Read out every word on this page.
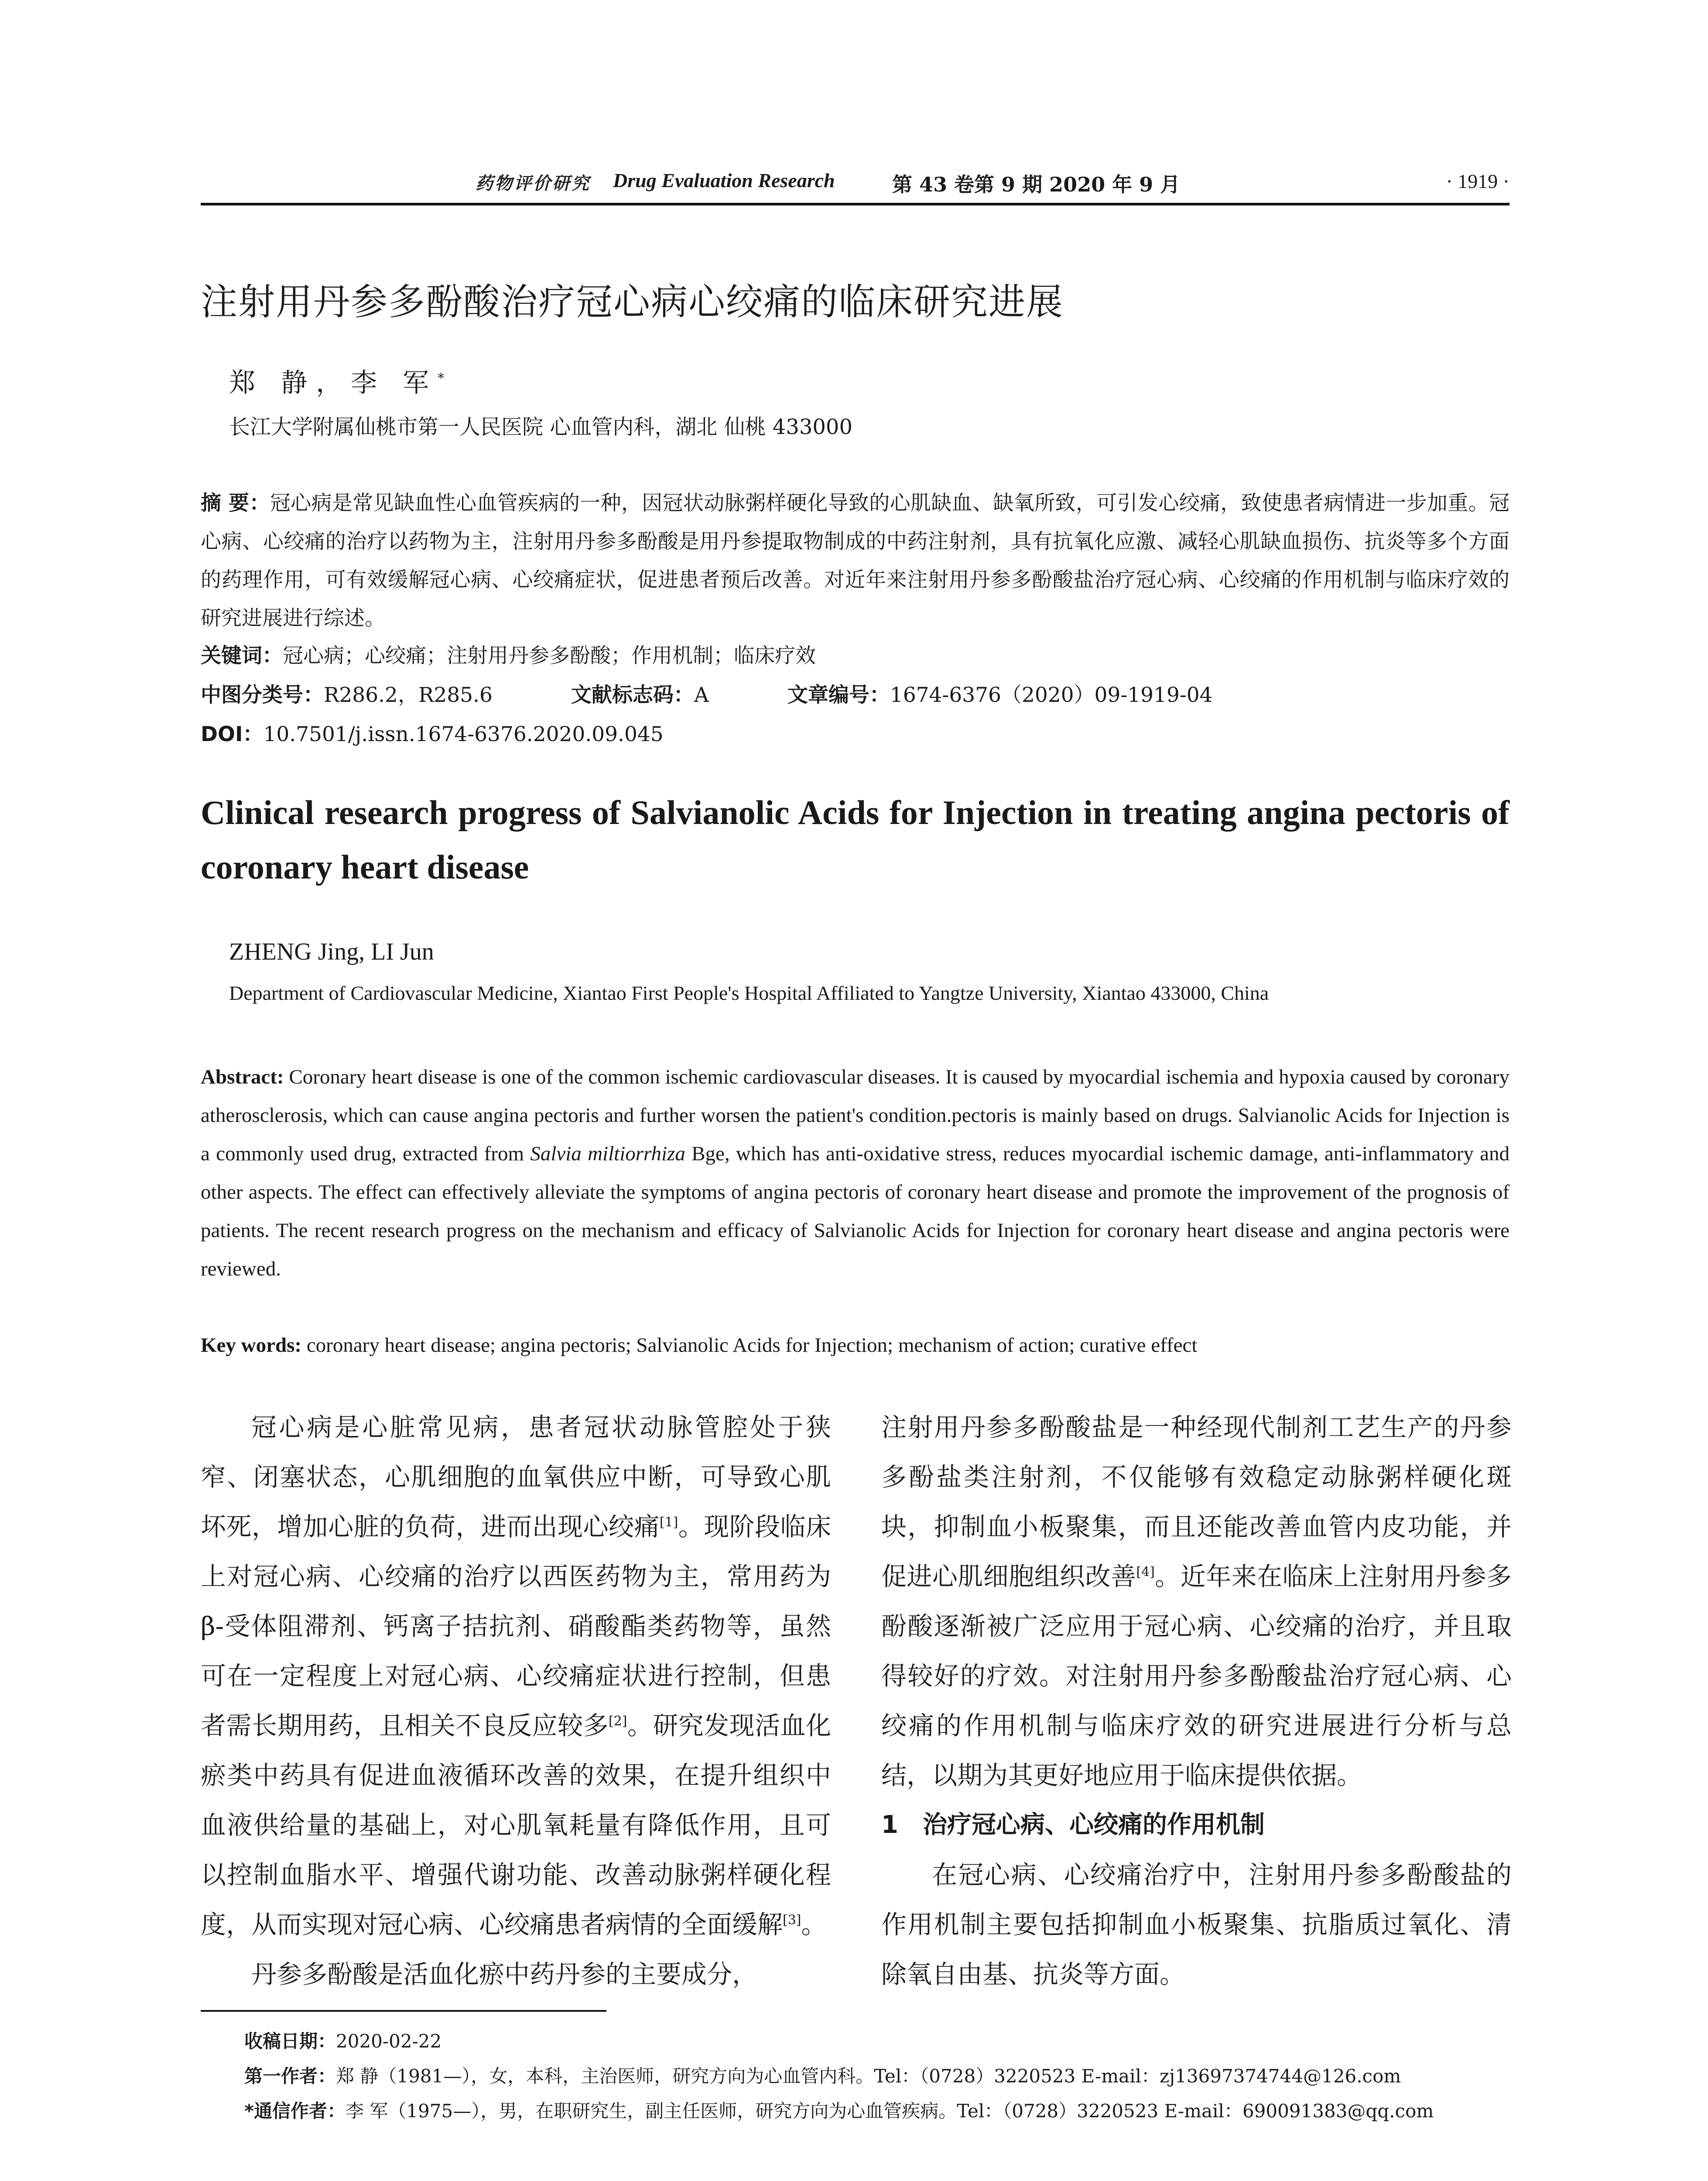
药物评价研究 Drug Evaluation Research	第 43 卷第 9 期 2020 年 9 月	· 1919 ·
注射用丹参多酚酸治疗冠心病心绞痛的临床研究进展
郑 静，李 军*
长江大学附属仙桃市第一人民医院 心血管内科，湖北 仙桃 433000
摘 要：冠心病是常见缺血性心血管疾病的一种，因冠状动脉粥样硬化导致的心肌缺血、缺氧所致，可引发心绞痛，致使患者病情进一步加重。冠心病、心绞痛的治疗以药物为主，注射用丹参多酚酸是用丹参提取物制成的中药注射剂，具有抗氧化应激、减轻心肌缺血损伤、抗炎等多个方面的药理作用，可有效缓解冠心病、心绞痛症状，促进患者预后改善。对近年来注射用丹参多酚酸盐治疗冠心病、心绞痛的作用机制与临床疗效的研究进展进行综述。
关键词：冠心病；心绞痛；注射用丹参多酚酸；作用机制；临床疗效
中图分类号：R286.2，R285.6	文献标志码：A	文章编号：1674-6376（2020）09-1919-04
DOI：10.7501/j.issn.1674-6376.2020.09.045
Clinical research progress of Salvianolic Acids for Injection in treating angina pectoris of coronary heart disease
ZHENG Jing, LI Jun
Department of Cardiovascular Medicine, Xiantao First People's Hospital Affiliated to Yangtze University, Xiantao 433000, China
Abstract: Coronary heart disease is one of the common ischemic cardiovascular diseases. It is caused by myocardial ischemia and hypoxia caused by coronary atherosclerosis, which can cause angina pectoris and further worsen the patient's condition.pectoris is mainly based on drugs. Salvianolic Acids for Injection is a commonly used drug, extracted from Salvia miltiorrhiza Bge, which has anti-oxidative stress, reduces myocardial ischemic damage, anti-inflammatory and other aspects. The effect can effectively alleviate the symptoms of angina pectoris of coronary heart disease and promote the improvement of the prognosis of patients. The recent research progress on the mechanism and efficacy of Salvianolic Acids for Injection for coronary heart disease and angina pectoris were reviewed.
Key words: coronary heart disease; angina pectoris; Salvianolic Acids for Injection; mechanism of action; curative effect

冠心病是心脏常见病，患者冠状动脉管腔处于狭窄、闭塞状态，心肌细胞的血氧供应中断，可导致心肌坏死，增加心脏的负荷，进而出现心绞痛[1]。现阶段临床上对冠心病、心绞痛的治疗以西医药物为主，常用药为β-受体阻滞剂、钙离子拮抗剂、硝酸酯类药物等，虽然可在一定程度上对冠心病、心绞痛症状进行控制，但患者需长期用药，且相关不良反应较多[2]。研究发现活血化瘀类中药具有促进血液循环改善的效果，在提升组织中血液供给量的基础上，对心肌氧耗量有降低作用，且可以控制血脂水平、增强代谢功能、改善动脉粥样硬化程度，从而实现对冠心病、心绞痛患者病情的全面缓解[3]。

丹参多酚酸是活血化瘀中药丹参的主要成分，

注射用丹参多酚酸盐是一种经现代制剂工艺生产的丹参多酚盐类注射剂，不仅能够有效稳定动脉粥样硬化斑块，抑制血小板聚集，而且还能改善血管内皮功能，并促进心肌细胞组织改善[4]。近年来在临床上注射用丹参多酚酸逐渐被广泛应用于冠心病、心绞痛的治疗，并且取得较好的疗效。对注射用丹参多酚酸盐治疗冠心病、心绞痛的作用机制与临床疗效的研究进展进行分析与总结，以期为其更好地应用于临床提供依据。

1 治疗冠心病、心绞痛的作用机制

在冠心病、心绞痛治疗中，注射用丹参多酚酸盐的作用机制主要包括抑制血小板聚集、抗脂质过氧化、清除氧自由基、抗炎等方面。

收稿日期：2020-02-22
第一作者：郑 静（1981—），女，本科，主治医师，研究方向为心血管内科。Tel：（0728）3220523 E-mail：zj13697374744@126.com
*通信作者：李 军（1975—），男，在职研究生，副主任医师，研究方向为心血管疾病。Tel：（0728）3220523 E-mail：690091383@qq.com
